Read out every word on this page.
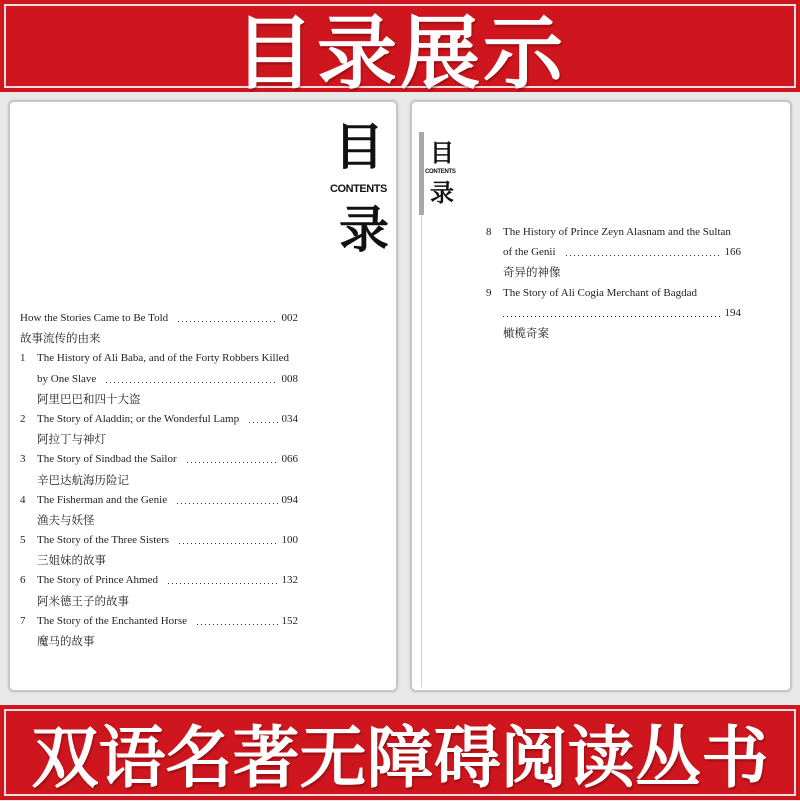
目录展示
目
CONTENTS
录
How the Stories Came to Be Told	002
故事流传的由来
1	The History of Ali Baba, and of the Forty Robbers Killed
by One Slave	008
阿里巴巴和四十大盗
2	The Story of Aladdin; or the Wonderful Lamp	034
阿拉丁与神灯
3	The Story of Sindbad the Sailor	066
辛巴达航海历险记
4	The Fisherman and the Genie	094
渔夫与妖怪
5	The Story of the Three Sisters	100
三姐妹的故事
6	The Story of Prince Ahmed	132
阿米德王子的故事
7	The Story of the Enchanted Horse	152
魔马的故事
目
CONTENTS
录
8	The History of Prince Zeyn Alasnam and the Sultan
of the Genii	166
奇异的神像
9	The Story of Ali Cogia Merchant of Bagdad
194
橄榄奇案
双语名著无障碍阅读丛书
